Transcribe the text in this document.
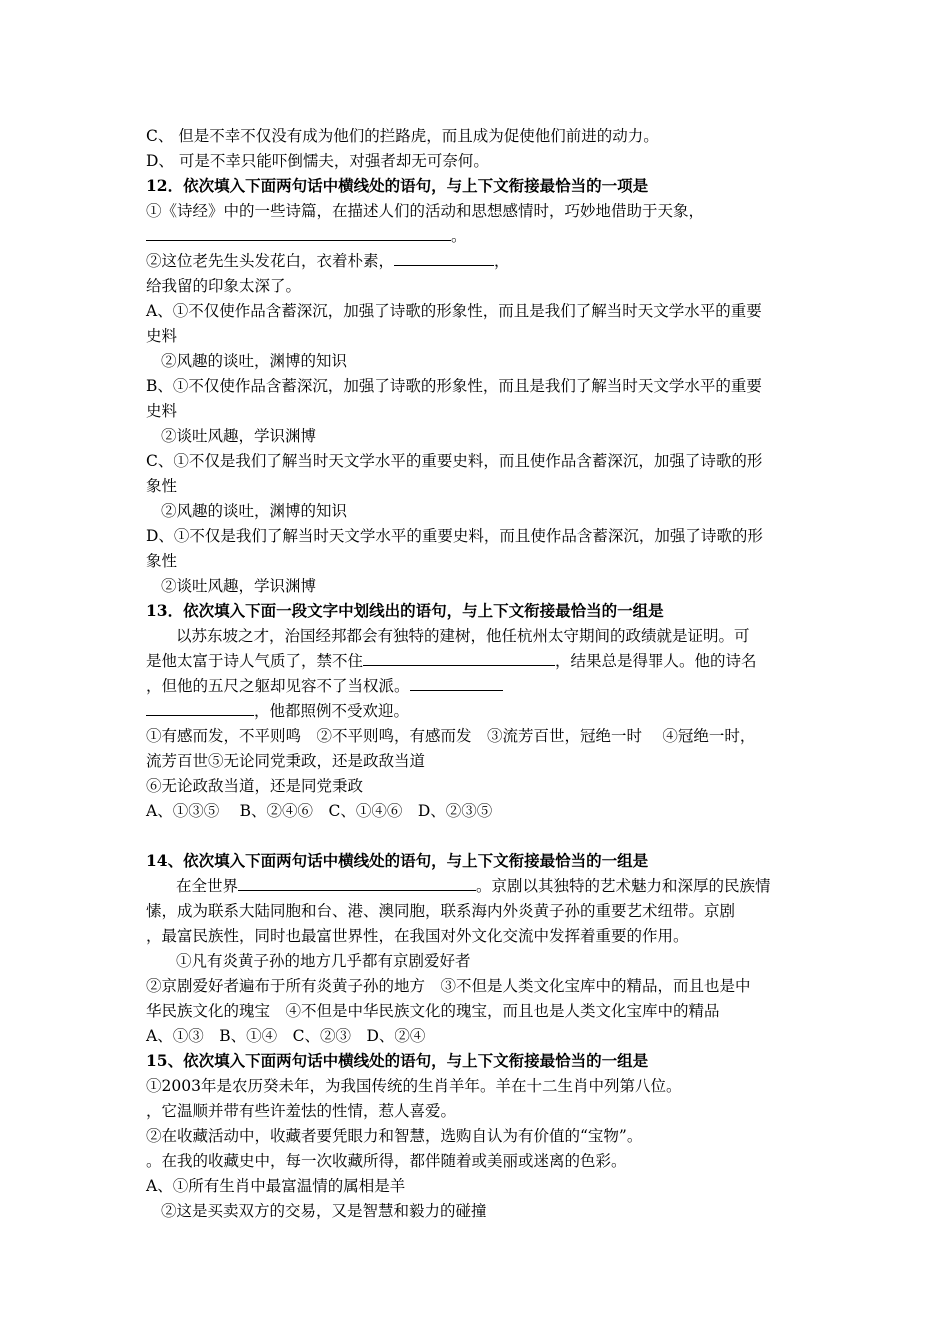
C、 但是不幸不仅没有成为他们的拦路虎，而且成为促使他们前进的动力。
D、 可是不幸只能吓倒懦夫，对强者却无可奈何。
12．依次填入下面两句话中横线处的语句，与上下文衔接最恰当的一项是
①《诗经》中的一些诗篇，在描述人们的活动和思想感情时，巧妙地借助于天象，
。
②这位老先生头发花白，衣着朴素，	，
给我留的印象太深了。
A、①不仅使作品含蓄深沉，加强了诗歌的形象性，而且是我们了解当时天文学水平的重要
史料
②风趣的谈吐，渊博的知识
B、①不仅使作品含蓄深沉，加强了诗歌的形象性，而且是我们了解当时天文学水平的重要
史料
②谈吐风趣，学识渊博
C、①不仅是我们了解当时天文学水平的重要史料，而且使作品含蓄深沉，加强了诗歌的形
象性
②风趣的谈吐，渊博的知识
D、①不仅是我们了解当时天文学水平的重要史料，而且使作品含蓄深沉，加强了诗歌的形
象性
②谈吐风趣，学识渊博
13．依次填入下面一段文字中划线出的语句，与上下文衔接最恰当的一组是
以苏东坡之才，治国经邦都会有独特的建树，他任杭州太守期间的政绩就是证明。可
是他太富于诗人气质了，禁不住	，结果总是得罪人。他的诗名
，但他的五尺之躯却见容不了当权派。
，他都照例不受欢迎。
①有感而发，不平则鸣　②不平则鸣，有感而发　③流芳百世，冠绝一时　 ④冠绝一时，
流芳百世⑤无论同党秉政，还是政敌当道
⑥无论政敌当道，还是同党秉政
A、①③⑤　 B、②④⑥　C、①④⑥　D、②③⑤
14、依次填入下面两句话中横线处的语句，与上下文衔接最恰当的一组是
在全世界	。京剧以其独特的艺术魅力和深厚的民族情
愫，成为联系大陆同胞和台、港、澳同胞，联系海内外炎黄子孙的重要艺术纽带。京剧
，最富民族性，同时也最富世界性，在我国对外文化交流中发挥着重要的作用。
①凡有炎黄子孙的地方几乎都有京剧爱好者
②京剧爱好者遍布于所有炎黄子孙的地方　③不但是人类文化宝库中的精品，而且也是中
华民族文化的瑰宝　④不但是中华民族文化的瑰宝，而且也是人类文化宝库中的精品
A、①③　B、①④　C、②③　D、②④
15、依次填入下面两句话中横线处的语句，与上下文衔接最恰当的一组是
①2003年是农历癸未年，为我国传统的生肖羊年。羊在十二生肖中列第八位。
，它温顺并带有些许羞怯的性情，惹人喜爱。
②在收藏活动中，收藏者要凭眼力和智慧，选购自认为有价值的“宝物”。
。在我的收藏史中，每一次收藏所得，都伴随着或美丽或迷离的色彩。
A、①所有生肖中最富温情的属相是羊
②这是买卖双方的交易，又是智慧和毅力的碰撞
